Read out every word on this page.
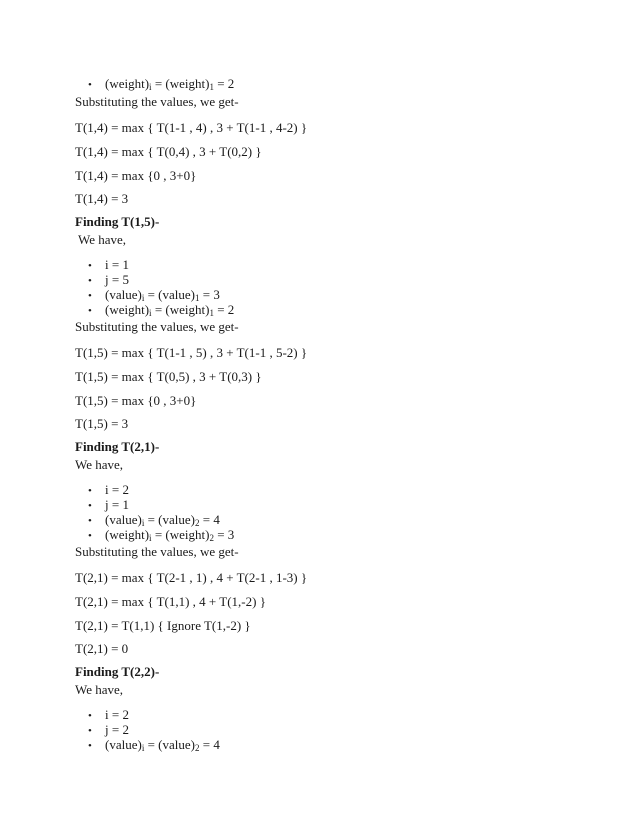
• $(weight)_i$ = $(weight)_1 = 2$
Substituting the values, we get-
T(1,4) = max { T(1-1 , 4) , 3 + T(1-1 , 4-2) }
T(1,4) = max { T(0,4) , 3 + T(0,2) }
T(1,4) = max {0 , 3+0}
T(1,4) = 3
Finding T(1,5)-
We have,
• i = 1
• j = 5
• $(value)_i$ = $(value)_1 = 3$
• $(weight)_i$ = $(weight)_1 = 2$
Substituting the values, we get-
T(1,5) = max { T(1-1 , 5) , 3 + T(1-1 , 5-2) }
T(1,5) = max { T(0,5) , 3 + T(0,3) }
T(1,5) = max {0 , 3+0}
T(1,5) = 3
Finding T(2,1)-
We have,
• i = 2
• j = 1
• $(value)_i$ = $(value)_2 = 4$
• $(weight)_i$ = $(weight)_2 = 3$
Substituting the values, we get-
T(2,1) = max { T(2-1 , 1) , 4 + T(2-1 , 1-3) }
T(2,1) = max { T(1,1) , 4 + T(1,-2) }
T(2,1) = T(1,1) { Ignore T(1,-2) }
T(2,1) = 0
Finding T(2,2)-
We have,
• i = 2
• j = 2
• $(value)_i$ = $(value)_2 = 4$
